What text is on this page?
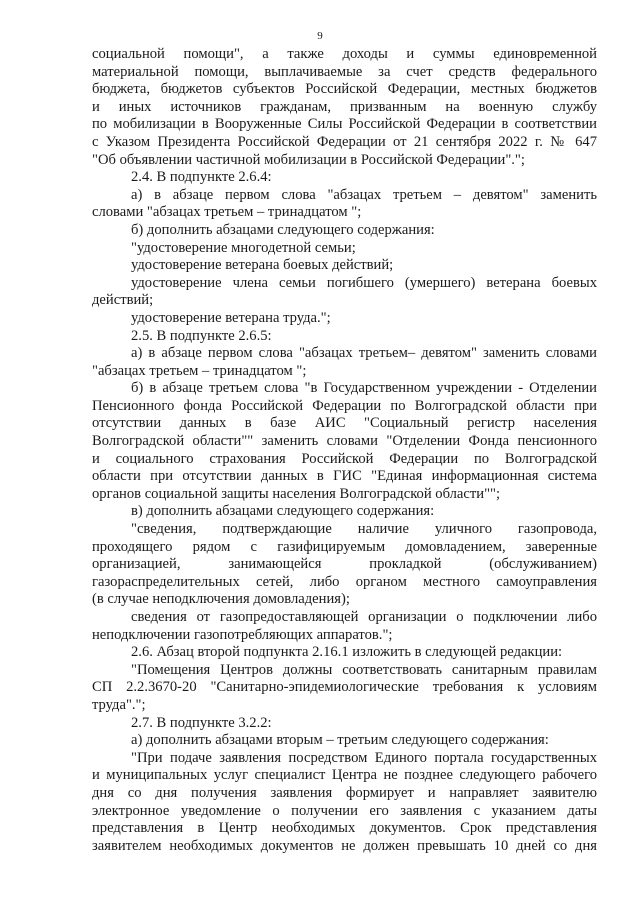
9

социальной помощи", а также доходы и суммы единовременной

материальной помощи, выплачиваемые за счет средств федерального

бюджета, бюджетов субъектов Российской Федерации, местных бюджетов

и иных источников гражданам, призванным на военную службу

по мобилизации в Вооруженные Силы Российской Федерации в соответствии

с Указом Президента Российской Федерации от 21 сентября 2022 г. № 647

"Об объявлении частичной мобилизации в Российской Федерации".";

2.4. В подпункте 2.6.4:

а) в абзаце первом слова "абзацах третьем – девятом" заменить

словами "абзацах третьем – тринадцатом ";

б) дополнить абзацами следующего содержания:

"удостоверение многодетной семьи;

удостоверение ветерана боевых действий;

удостоверение члена семьи погибшего (умершего) ветерана боевых

действий;

удостоверение ветерана труда.";

2.5. В подпункте 2.6.5:

а) в абзаце первом слова "абзацах третьем– девятом" заменить словами

"абзацах третьем – тринадцатом ";

б) в абзаце третьем слова "в Государственном учреждении - Отделении

Пенсионного фонда Российской Федерации по Волгоградской области при

отсутствии данных в базе АИС "Социальный регистр населения

Волгоградской области"" заменить словами "Отделении Фонда пенсионного

и социального страхования Российской Федерации по Волгоградской

области при отсутствии данных в ГИС "Единая информационная система

органов социальной защиты населения Волгоградской области"";

в) дополнить абзацами следующего содержания:

"сведения, подтверждающие наличие уличного газопровода,

проходящего рядом с газифицируемым домовладением, заверенные

организацией, занимающейся прокладкой (обслуживанием)

газораспределительных сетей, либо органом местного самоуправления

(в случае неподключения домовладения);

сведения от газопредоставляющей организации о подключении либо

неподключении газопотребляющих аппаратов.";

2.6. Абзац второй подпункта 2.16.1 изложить в следующей редакции:

"Помещения Центров должны соответствовать санитарным правилам

СП 2.2.3670-20 "Санитарно-эпидемиологические требования к условиям

труда".";

2.7. В подпункте 3.2.2:

а) дополнить абзацами вторым – третьим следующего содержания:

"При подаче заявления посредством Единого портала государственных

и муниципальных услуг специалист Центра не позднее следующего рабочего

дня со дня получения заявления формирует и направляет заявителю

электронное уведомление о получении его заявления с указанием даты

представления в Центр необходимых документов. Срок представления

заявителем необходимых документов не должен превышать 10 дней со дня
